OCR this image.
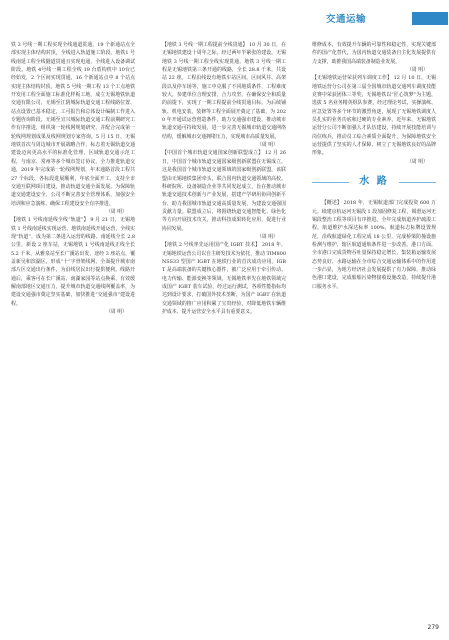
交通运输

铁 3 号线一期工程实现全线通道贯通，19 个新通站点全部实现主体结构封顶，全线进入轨道施工阶段。地铁1 号线南延工程全线隧道贯通且实现电通，全线进入设备调试阶段。地铁 4号线一期工程全线 19 台盾构机中 10台已经始发，2 个区间实现贯通，16 个新通站点中 8 个站点实现主体结构封顶。地铁 5 号线一期工程 13 个工点地铁开发用工程全面施工标准化样板工地。成立无锡地铁轨道交通有限公司，无锡至江阴城际轨道交通工程线路位置、站点设置已基本稳定，工可报告和总体设计编制工作进入专题咨询阶段。无锡至宜兴城际轨道交通工程前期研究工作有序推进，组织第一轮线网规划研究，并配合完成第一轮线网规划成果及线网规划专家咨询。5 月 15 日，无锡地铁首次与周边城市开展战略合作，标志着无锡轨道交通建设迈向更高水平的标准化管理，区域轨道交通示范工程，与南京、常州等多个城市签订协议，全力推进轨道交通，2019 年完成第一轮线网规划，年末通路首段工程共 27 个标段、各标段进展顺利，年底全面开工，支持全市交通互联网项目建设，推动轨道交通全面发展。为保障轨道交通建设安全，公司不断完善安全管理体系，加强安全培训和应急演练，确保工程建设安全有序推进。

（周 明）

【地铁 1 号线南延线全线“轨道”】 9 月 21 日，无锡地铁 1 号线南延线实现运营，地铁南延线开通运营，全线实现“轨道”，成为第二条进入运营的线路。南延线全长 2.8 公里，新设 2 座车站，无锡地铁 1 号线南延线正线全长 5.2 千米，从雅泉站至长广溪站出发，途经 3 座站点，覆盖新吴和滨湖区，形成“十”字骨架线网，全面提升城市南部片区交通出行条件，为沿线居民出行提供便利。线路开通后，乘客可在长广溪站、南湖家园等站点换乘，有效缓解南部地区交通压力，提升城市轨道交通线网覆盖率，为建设交通强市奠定坚实基础，加快推进“交通强市”建设进程。

（周 明）

【地铁 3 号线一期工程提前全线贯通】 10 月 30 日，在无锡地铁建设十周年之际，经过两年半紧张的建设，无锡地铁 3 号线一期工程全线实现贯通，地铁 3 号线一期工程是无锡地铁第三条开通的线路，全长 28.8 千米，共设站 22 座。工程沿线设有地铁车站区间、区间风井、高架段以及停车场等，施工中克服了不同地质条件，工程难度较大，参建单位合理安排，合力攻坚，在确保安全和质量的前提下，实现了一期工程提前全线贯通目标，为后续铺轨、机电安装、装修等工程全面展开奠定了基础，为 2020 年开通试运营创造条件，助力交通强市建设，推动城市轨道交通可持续发展，进一步完善无锡城市轨道交通网络结构，缓解城市交通拥堵压力，实现城市高质量发展。

（周 明）

【中国首个城市轨道交通国家创新联盟成立】 12 月 26 日，中国首个城市轨道交通国家级创新联盟在无锡成立，这是我国首个城市轨道交通领域的国家级创新联盟，该联盟由无锡地铁集团牵头，联合国内轨道交通领域的高校、科研院所、设备制造企业等共同发起成立，旨在推动城市轨道交通技术创新与产业发展，搭建产学研用协同创新平台，助力我国城市轨道交通高质量发展，为建设交通强国贡献力量。联盟成立后，将围绕轨道交通智能化、绿色化等方向开展技术攻关，推动科技成果转化应用，促进行业协同发展。

（周 明）

【地铁 2 号线率先运用国产化 IGBT 技术】 2018 年，无锡地铁运营公司以自主研发技术为依托，推动 TIM800NSS33 型国产 IGBT 在地铁行业的首次成功应用。IGBT 是高端装备的关键核心器件，被广泛应用于牵引传动、电力传输、能源变换等领域，无锡地铁率先在地铁领域完成国产 IGBT 装车试验，经过运行测试，各项性能指标均达到设计要求，打破国外技术垄断，为国产 IGBT 在轨道交通领域的推广应用积累了宝贵经验，对降低地铁车辆维护成本、提升运营安全水平具有重要意义。

维修成本，有效提升车辆的可靠性和稳定性，实现关键部件的国产化替代，为国内轨道交通装备自主化发展提供有力支撑，助推我国高端装备制造业发展。

（周 明）

【无锡地铁运营荣获列车调度工作】 12 月 10 日，无锡地铁运营分公司在第三届全国城市轨道交通列车调度技能竞赛中荣获团体三等奖，无锡地铁以“匠心筑梦”为主题，选拔 5 名业务精英组队参赛，经过理论考试、实操演练、应急处置等多个环节的激烈角逐，展现了无锡地铁调度人员扎实的业务功底和过硬的专业素养。近年来，无锡地铁运营分公司不断加强人才队伍建设，持续开展技能培训与岗位练兵，推动员工综合素质全面提升，为保障地铁安全运营提供了坚实的人才保障，树立了无锡地铁良好的品牌形象。

（周 明）

水 路

【概述】 2018 年，无锡航道部门完成投资 600 万元。续建京杭运河无锡段 1 段加固修复工程，锡澄运河无锡段整治工程等项目有序推进。全年完成航道养护疏浚工程，航道维护水深达标率 100%，航道标志标牌设置规范，沿线航道绿化工程完成 18 公里，完成桥梁防撞设施检测与维护，辖区航道通航条件进一步改善。港口方面，全市港口完成货物吞吐量保持稳定增长，集装箱运输发展态势良好，水路运输在全市综合交通运输体系中的作用进一步凸显，为地方经济社会发展提供了有力保障，推动绿色港口建设，完成船舶污染物接收设施改造，持续提升港口服务水平。

279
